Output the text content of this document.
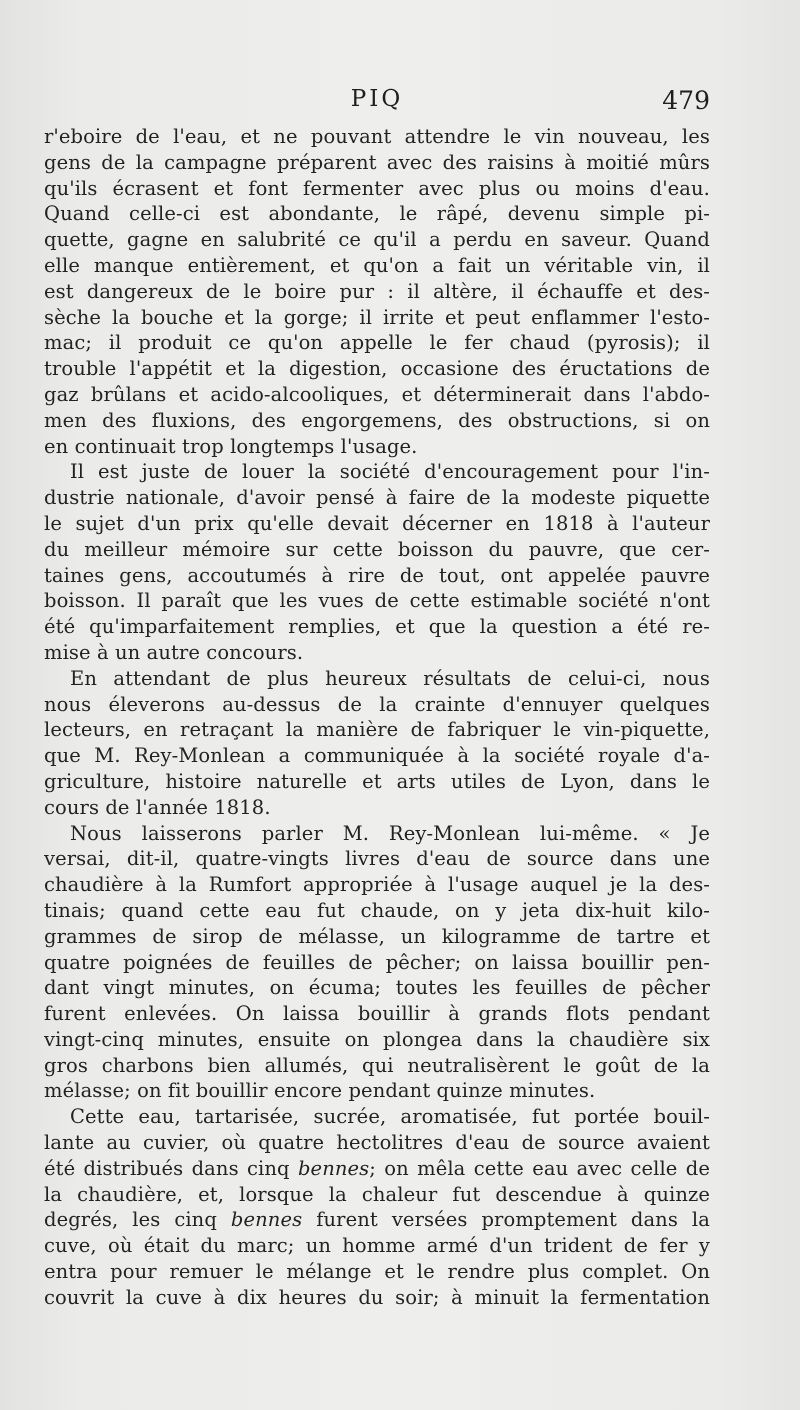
PIQ	479
r'eboire de l'eau, et ne pouvant attendre le vin nouveau, les
gens de la campagne préparent avec des raisins à moitié mûrs
qu'ils écrasent et font fermenter avec plus ou moins d'eau.
Quand celle-ci est abondante, le râpé, devenu simple pi-
quette, gagne en salubrité ce qu'il a perdu en saveur. Quand
elle manque entièrement, et qu'on a fait un véritable vin, il
est dangereux de le boire pur : il altère, il échauffe et des-
sèche la bouche et la gorge; il irrite et peut enflammer l'esto-
mac; il produit ce qu'on appelle le fer chaud (pyrosis); il
trouble l'appétit et la digestion, occasione des éructations de
gaz brûlans et acido-alcooliques, et déterminerait dans l'abdo-
men des fluxions, des engorgemens, des obstructions, si on
en continuait trop longtemps l'usage.
Il est juste de louer la société d'encouragement pour l'in-
dustrie nationale, d'avoir pensé à faire de la modeste piquette
le sujet d'un prix qu'elle devait décerner en 1818 à l'auteur
du meilleur mémoire sur cette boisson du pauvre, que cer-
taines gens, accoutumés à rire de tout, ont appelée pauvre
boisson. Il paraît que les vues de cette estimable société n'ont
été qu'imparfaitement remplies, et que la question a été re-
mise à un autre concours.
En attendant de plus heureux résultats de celui-ci, nous
nous éleverons au-dessus de la crainte d'ennuyer quelques
lecteurs, en retraçant la manière de fabriquer le vin-piquette,
que M. Rey-Monlean a communiquée à la société royale d'a-
griculture, histoire naturelle et arts utiles de Lyon, dans le
cours de l'année 1818.
Nous laisserons parler M. Rey-Monlean lui-même. « Je
versai, dit-il, quatre-vingts livres d'eau de source dans une
chaudière à la Rumfort appropriée à l'usage auquel je la des-
tinais; quand cette eau fut chaude, on y jeta dix-huit kilo-
grammes de sirop de mélasse, un kilogramme de tartre et
quatre poignées de feuilles de pêcher; on laissa bouillir pen-
dant vingt minutes, on écuma; toutes les feuilles de pêcher
furent enlevées. On laissa bouillir à grands flots pendant
vingt-cinq minutes, ensuite on plongea dans la chaudière six
gros charbons bien allumés, qui neutralisèrent le goût de la
mélasse; on fit bouillir encore pendant quinze minutes.
Cette eau, tartarisée, sucrée, aromatisée, fut portée bouil-
lante au cuvier, où quatre hectolitres d'eau de source avaient
été distribués dans cinq bennes; on mêla cette eau avec celle de
la chaudière, et, lorsque la chaleur fut descendue à quinze
degrés, les cinq bennes furent versées promptement dans la
cuve, où était du marc; un homme armé d'un trident de fer y
entra pour remuer le mélange et le rendre plus complet. On
couvrit la cuve à dix heures du soir; à minuit la fermentation
